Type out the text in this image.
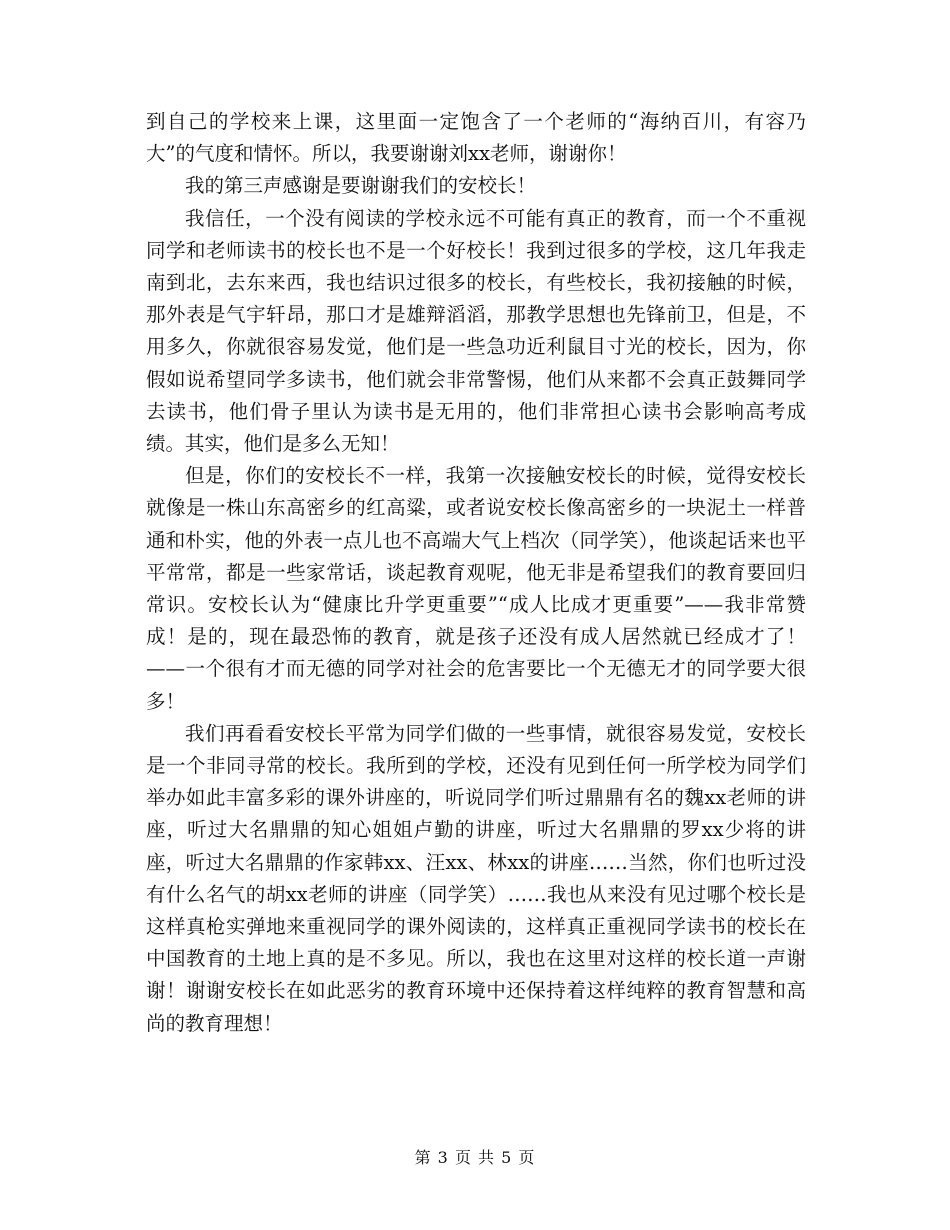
到自己的学校来上课，这里面一定饱含了一个老师的“海纳百川，有容乃大”的气度和情怀。所以，我要谢谢刘xx老师，谢谢你！

我的第三声感谢是要谢谢我们的安校长！

我信任，一个没有阅读的学校永远不可能有真正的教育，而一个不重视同学和老师读书的校长也不是一个好校长！我到过很多的学校，这几年我走南到北，去东来西，我也结识过很多的校长，有些校长，我初接触的时候，那外表是气宇轩昂，那口才是雄辩滔滔，那教学思想也先锋前卫，但是，不用多久，你就很容易发觉，他们是一些急功近利鼠目寸光的校长，因为，你假如说希望同学多读书，他们就会非常警惕，他们从来都不会真正鼓舞同学去读书，他们骨子里认为读书是无用的，他们非常担心读书会影响高考成绩。其实，他们是多么无知！

但是，你们的安校长不一样，我第一次接触安校长的时候，觉得安校长就像是一株山东高密乡的红高粱，或者说安校长像高密乡的一块泥土一样普通和朴实，他的外表一点儿也不高端大气上档次（同学笑），他谈起话来也平平常常，都是一些家常话，谈起教育观呢，他无非是希望我们的教育要回归常识。安校长认为“健康比升学更重要”“成人比成才更重要”——我非常赞成！是的，现在最恐怖的教育，就是孩子还没有成人居然就已经成才了！——一个很有才而无德的同学对社会的危害要比一个无德无才的同学要大很多！

我们再看看安校长平常为同学们做的一些事情，就很容易发觉，安校长是一个非同寻常的校长。我所到的学校，还没有见到任何一所学校为同学们举办如此丰富多彩的课外讲座的，听说同学们听过鼎鼎有名的魏xx老师的讲座，听过大名鼎鼎的知心姐姐卢勤的讲座，听过大名鼎鼎的罗xx少将的讲座，听过大名鼎鼎的作家韩xx、汪xx、林xx的讲座……当然，你们也听过没有什么名气的胡xx老师的讲座（同学笑）……我也从来没有见过哪个校长是这样真枪实弹地来重视同学的课外阅读的，这样真正重视同学读书的校长在中国教育的土地上真的是不多见。所以，我也在这里对这样的校长道一声谢谢！谢谢安校长在如此恶劣的教育环境中还保持着这样纯粹的教育智慧和高尚的教育理想！

第 3 页 共 5 页
